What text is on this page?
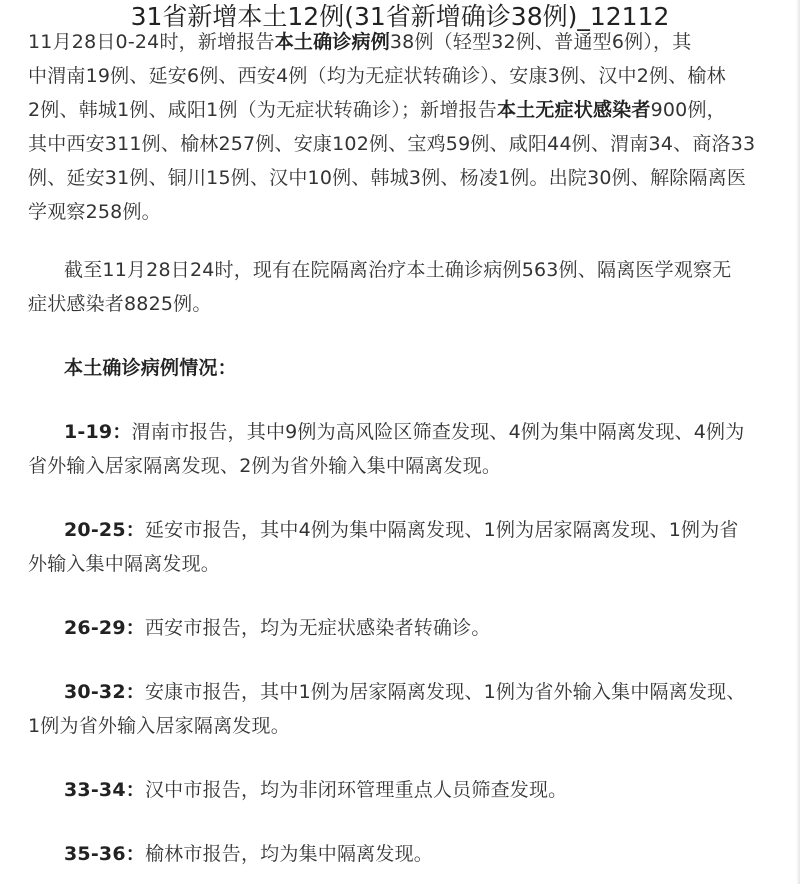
31省新增本土12例(31省新增确诊38例)_12112
11月28日0-24时，新增报告本土确诊病例38例（轻型32例、普通型6例），其
中渭南19例、延安6例、西安4例（均为无症状转确诊）、安康3例、汉中2例、榆林
2例、韩城1例、咸阳1例（为无症状转确诊）；新增报告本土无症状感染者900例，
其中西安311例、榆林257例、安康102例、宝鸡59例、咸阳44例、渭南34、商洛33
例、延安31例、铜川15例、汉中10例、韩城3例、杨凌1例。出院30例、解除隔离医
学观察258例。
截至11月28日24时，现有在院隔离治疗本土确诊病例563例、隔离医学观察无
症状感染者8825例。
本土确诊病例情况：
1-19：渭南市报告，其中9例为高风险区筛查发现、4例为集中隔离发现、4例为
省外输入居家隔离发现、2例为省外输入集中隔离发现。
20-25：延安市报告，其中4例为集中隔离发现、1例为居家隔离发现、1例为省
外输入集中隔离发现。
26-29：西安市报告，均为无症状感染者转确诊。
30-32：安康市报告，其中1例为居家隔离发现、1例为省外输入集中隔离发现、
1例为省外输入居家隔离发现。
33-34：汉中市报告，均为非闭环管理重点人员筛查发现。
35-36：榆林市报告，均为集中隔离发现。
